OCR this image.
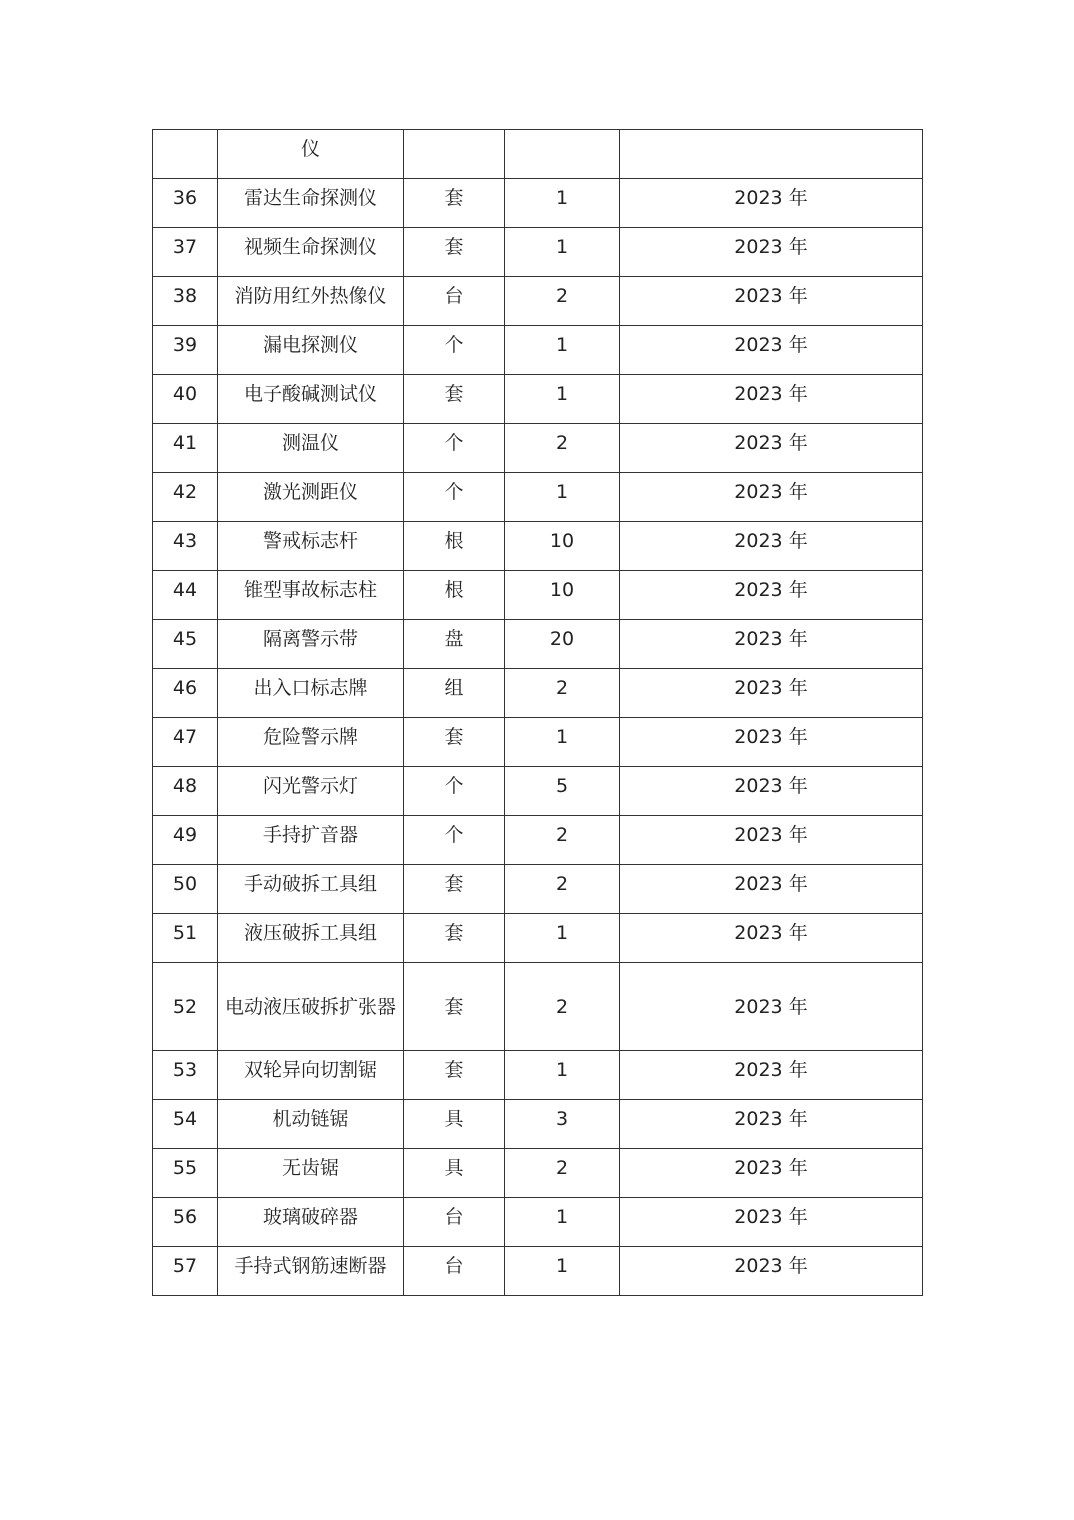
	仪			
36	雷达生命探测仪	套	1	2023 年
37	视频生命探测仪	套	1	2023 年
38	消防用红外热像仪	台	2	2023 年
39	漏电探测仪	个	1	2023 年
40	电子酸碱测试仪	套	1	2023 年
41	测温仪	个	2	2023 年
42	激光测距仪	个	1	2023 年
43	警戒标志杆	根	10	2023 年
44	锥型事故标志柱	根	10	2023 年
45	隔离警示带	盘	20	2023 年
46	出入口标志牌	组	2	2023 年
47	危险警示牌	套	1	2023 年
48	闪光警示灯	个	5	2023 年
49	手持扩音器	个	2	2023 年
50	手动破拆工具组	套	2	2023 年
51	液压破拆工具组	套	1	2023 年
52	电动液压破拆扩张器	套	2	2023 年
53	双轮异向切割锯	套	1	2023 年
54	机动链锯	具	3	2023 年
55	无齿锯	具	2	2023 年
56	玻璃破碎器	台	1	2023 年
57	手持式钢筋速断器	台	1	2023 年
